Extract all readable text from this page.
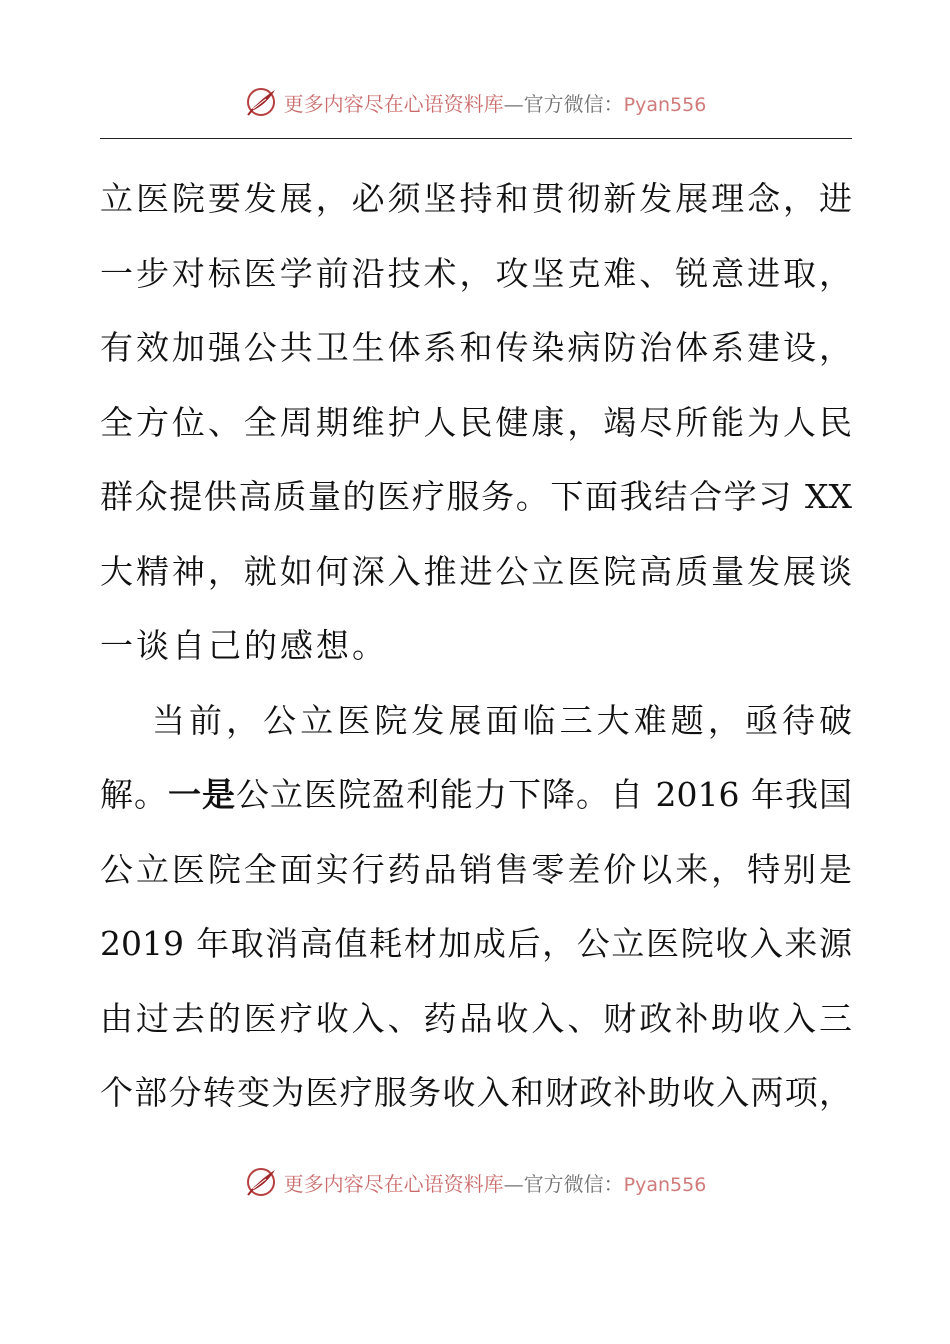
更多内容尽在心语资料库—官方微信：Pyan556
立医院要发展，必须坚持和贯彻新发展理念，进
一步对标医学前沿技术，攻坚克难、锐意进取，
有效加强公共卫生体系和传染病防治体系建设，
全方位、全周期维护人民健康，竭尽所能为人民
群众提供高质量的医疗服务。下面我结合学习 XX
大精神，就如何深入推进公立医院高质量发展谈
一谈自己的感想。
当前，公立医院发展面临三大难题，亟待破
解。一是公立医院盈利能力下降。自 2016 年我国
公立医院全面实行药品销售零差价以来，特别是
2019 年取消高值耗材加成后，公立医院收入来源
由过去的医疗收入、药品收入、财政补助收入三
个部分转变为医疗服务收入和财政补助收入两项，
更多内容尽在心语资料库—官方微信：Pyan556
